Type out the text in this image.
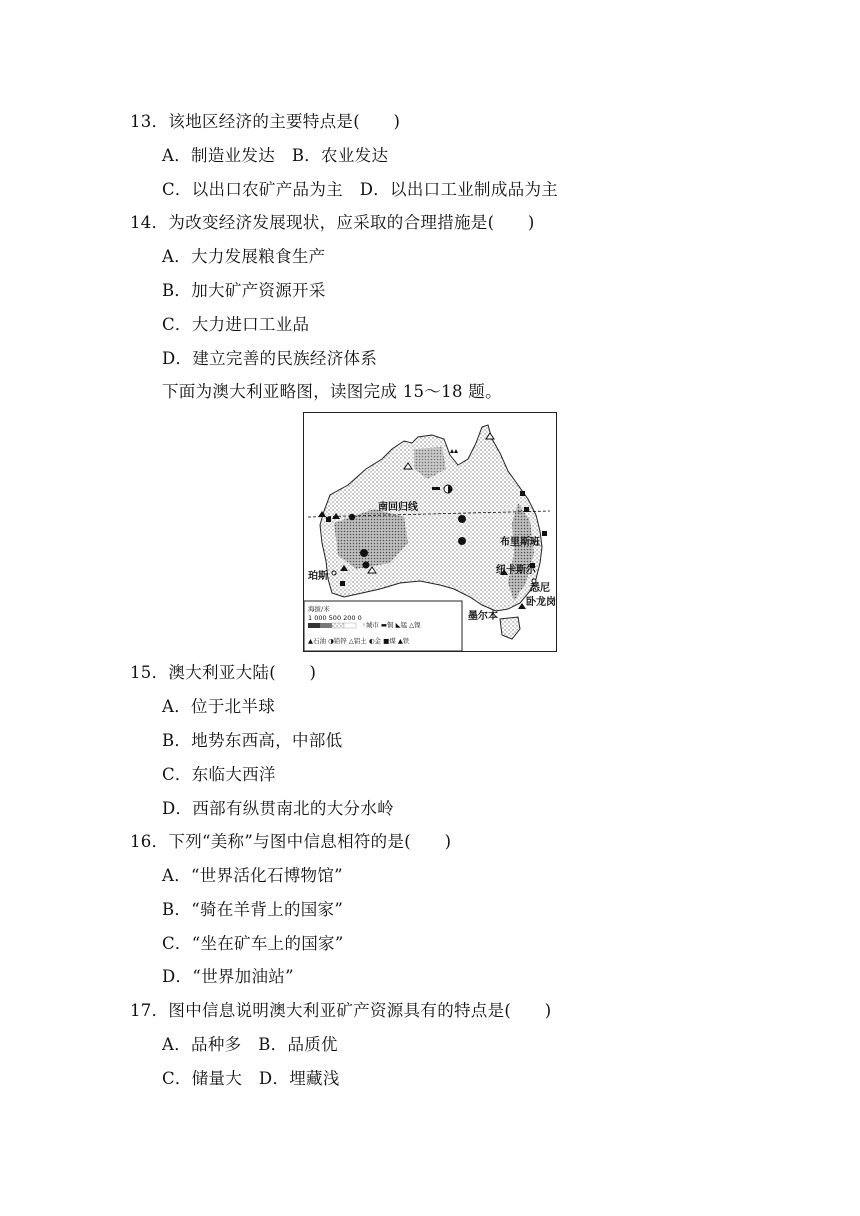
13．该地区经济的主要特点是(　　)
A．制造业发达　B．农业发达
C．以出口农矿产品为主　D．以出口工业制成品为主
14．为改变经济发展现状，应采取的合理措施是(　　)
A．大力发展粮食生产
B．加大矿产资源开采
C．大力进口工业品
D．建立完善的民族经济体系
下面为澳大利亚略图，读图完成 15～18 题。
南回归线
珀斯
布里斯班
纽卡斯尔
悉尼
卧龙岗
墨尔本
海拔/米
1 000 500 200 0
◦城市 ▬铜 ◣锰 △镍
▲石油 ◑铅锌 △铝土 ◐金 ■煤 ▲铁
15．澳大利亚大陆(　　)
A．位于北半球
B．地势东西高，中部低
C．东临大西洋
D．西部有纵贯南北的大分水岭
16．下列“美称”与图中信息相符的是(　　)
A．“世界活化石博物馆”
B．“骑在羊背上的国家”
C．“坐在矿车上的国家”
D．“世界加油站”
17．图中信息说明澳大利亚矿产资源具有的特点是(　　)
A．品种多　B．品质优
C．储量大　D．埋藏浅
